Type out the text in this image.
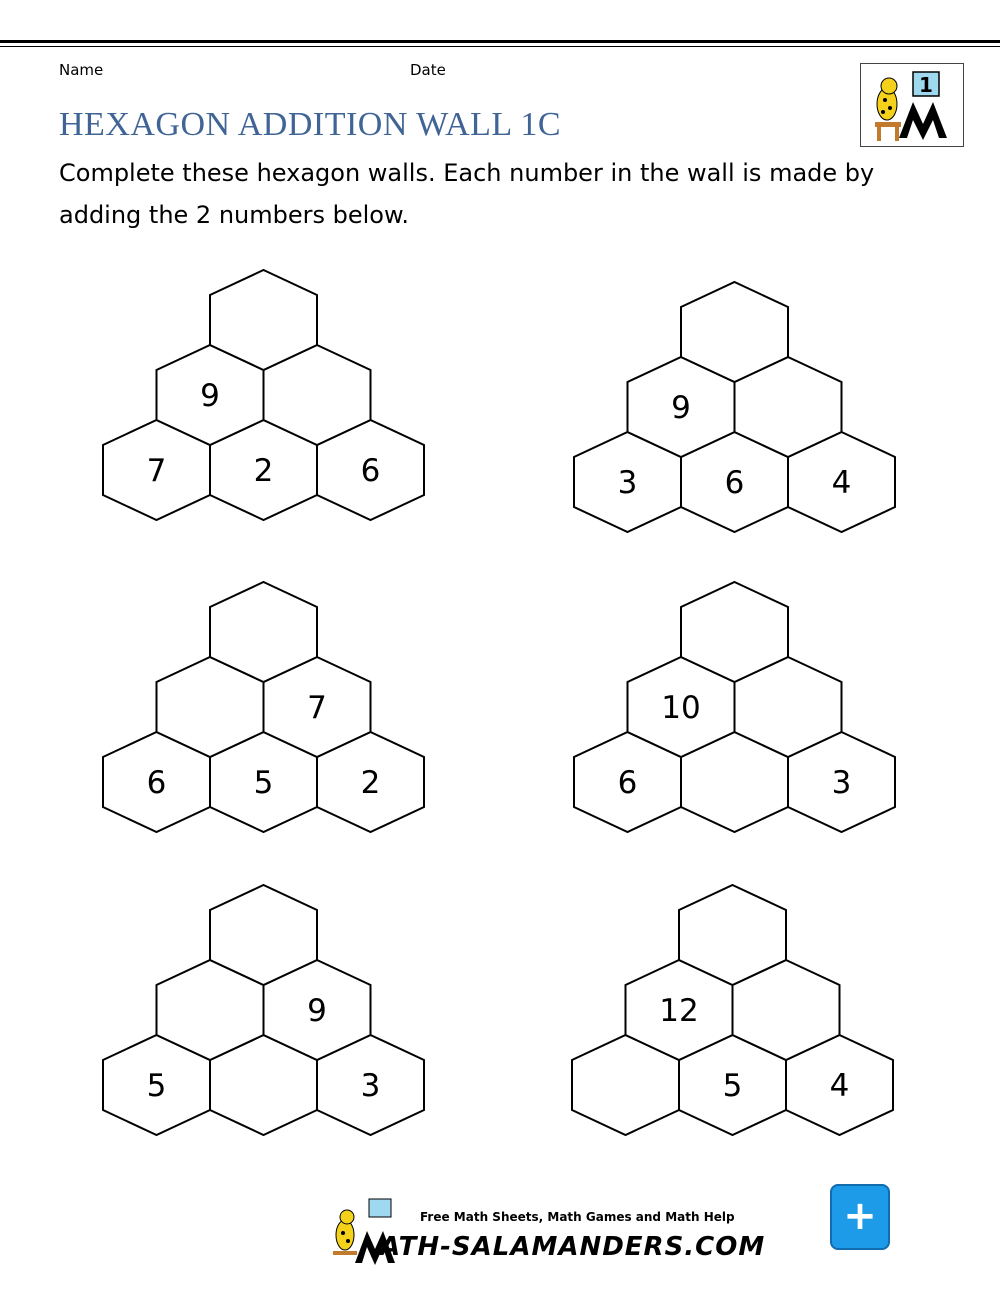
Name	Date
1
HEXAGON ADDITION WALL 1C

Complete these hexagon walls. Each number in the wall is made by adding the 2 numbers below.

7	2	6
9
3	6	4
9
6	5	2
7
6	3
10
5	3
9
5	4
12
Free Math Sheets, Math Games and Math Help
ATH-SALAMANDERS.COM
+
